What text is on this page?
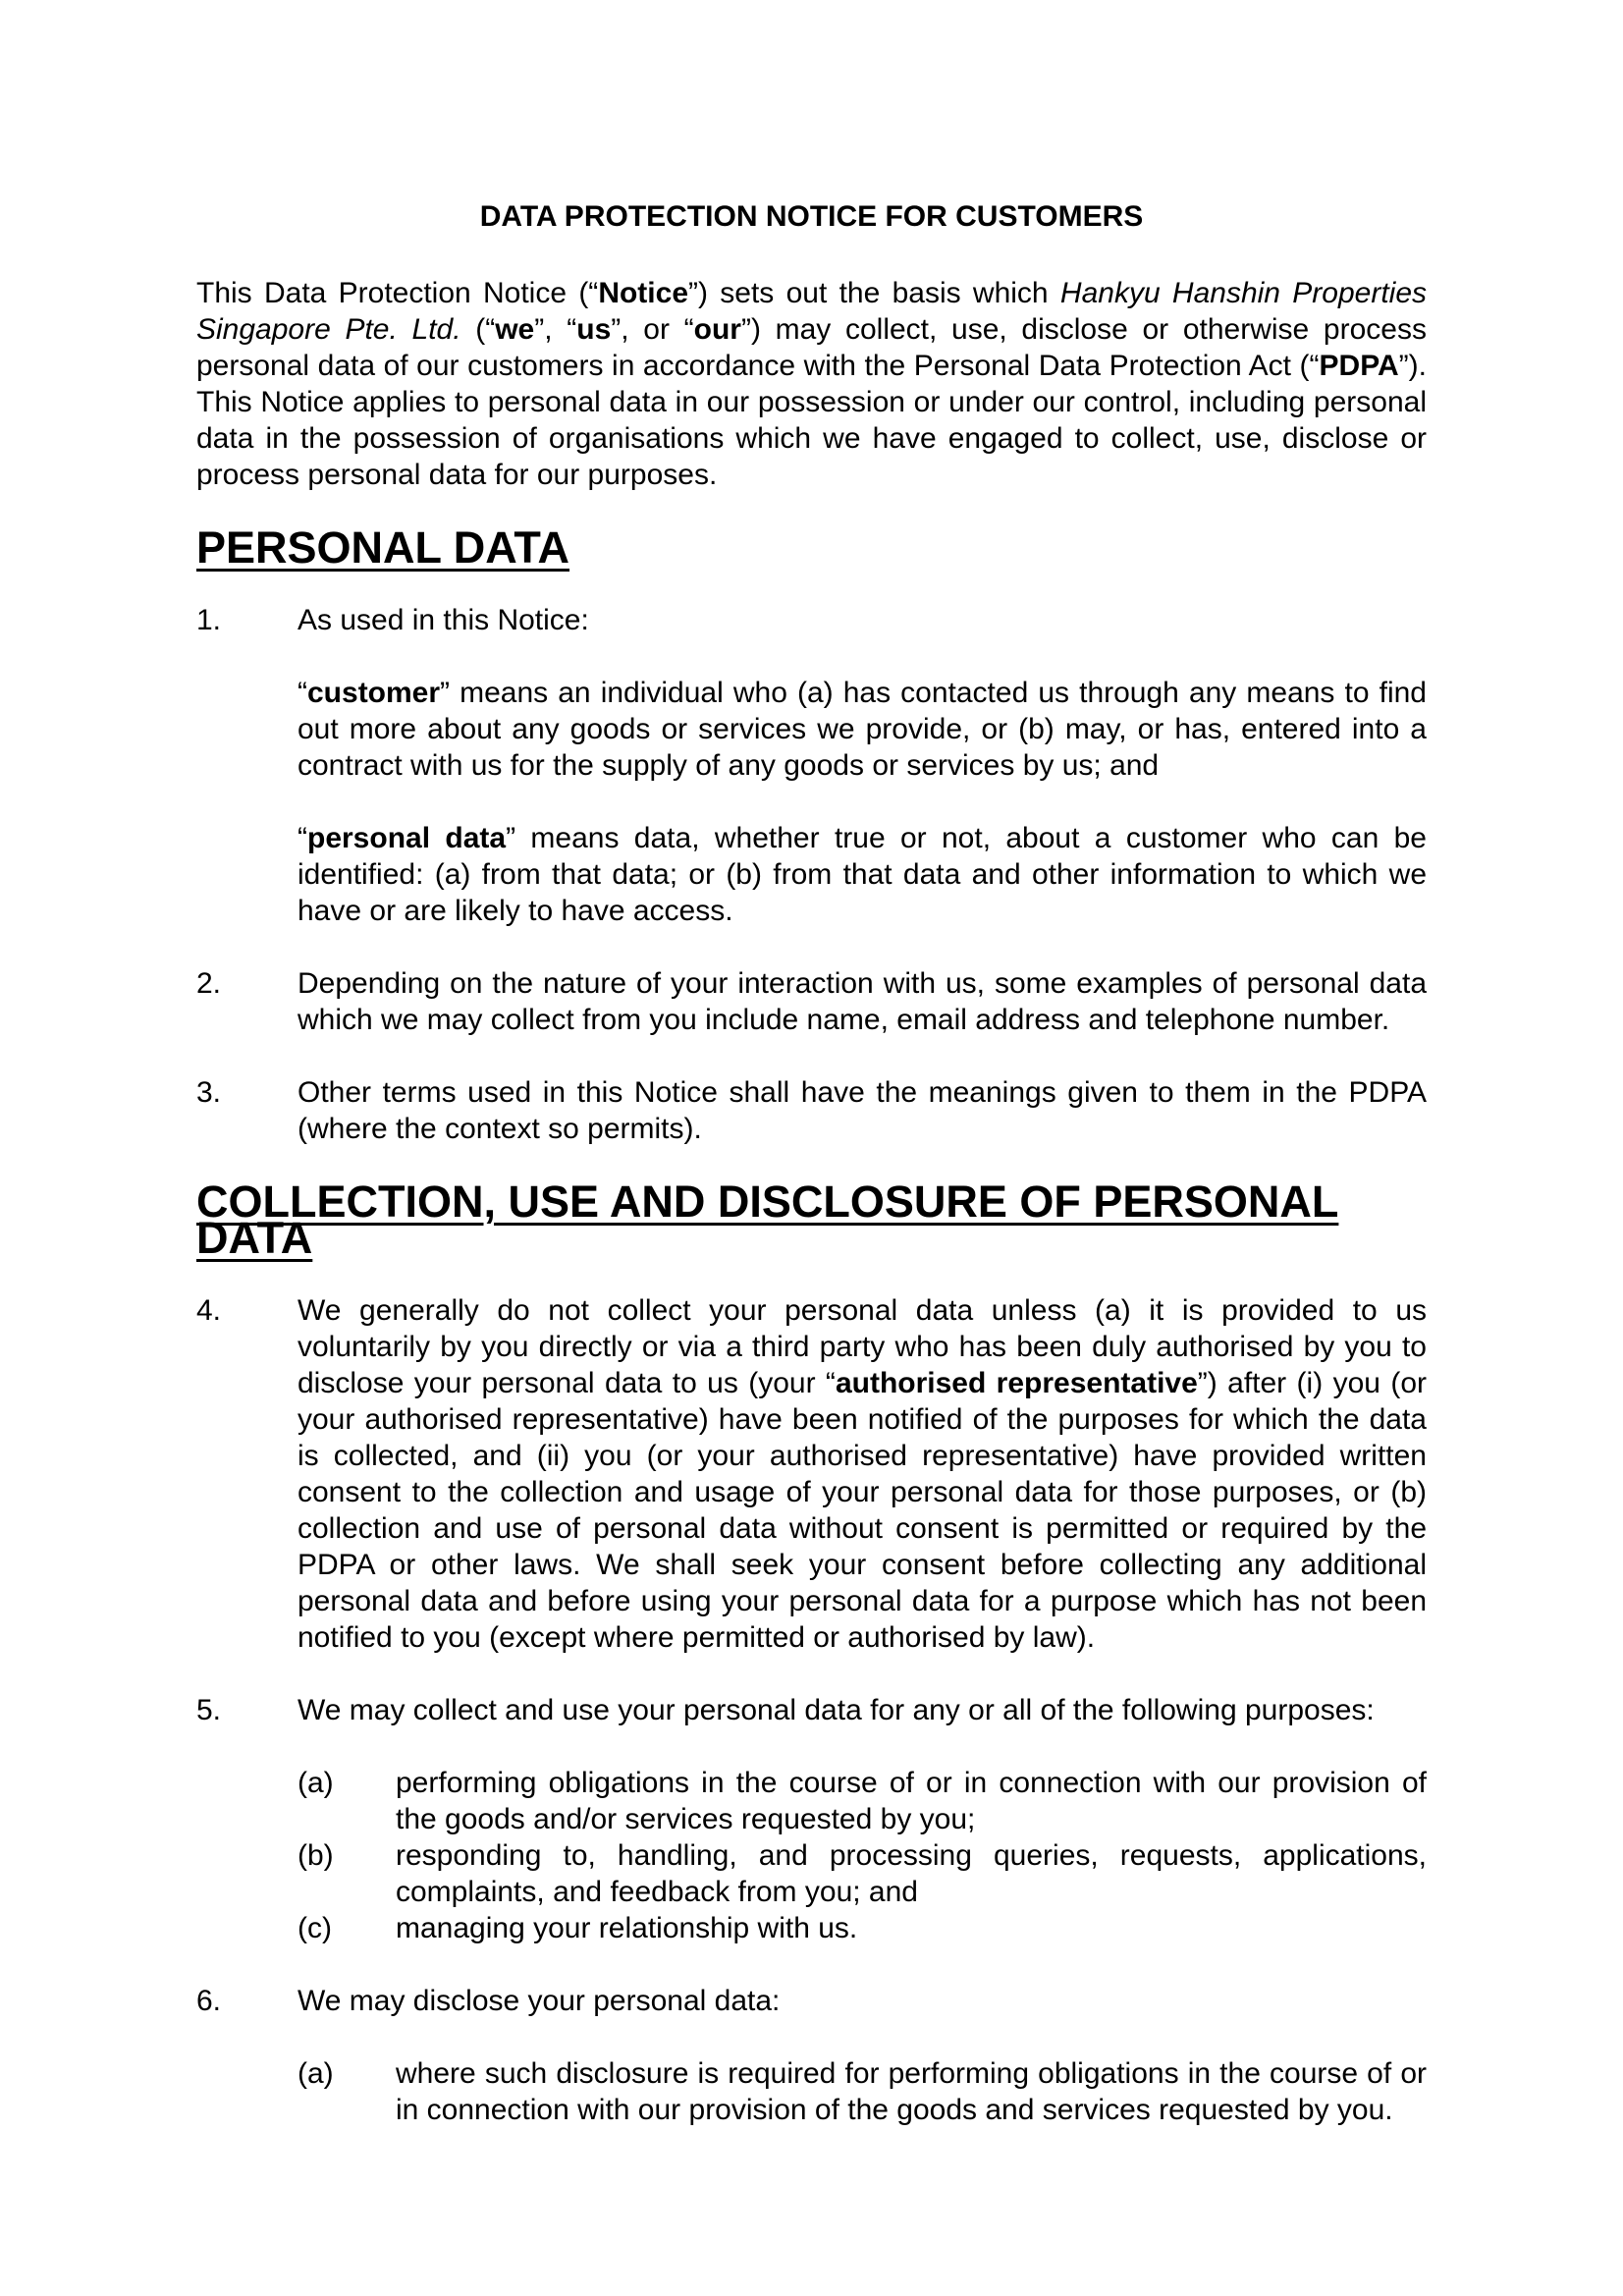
DATA PROTECTION NOTICE FOR CUSTOMERS

This Data Protection Notice (“Notice”) sets out the basis which Hankyu Hanshin Properties Singapore Pte. Ltd. (“we”, “us”, or “our”) may collect, use, disclose or otherwise process personal data of our customers in accordance with the Personal Data Protection Act (“PDPA”). This Notice applies to personal data in our possession or under our control, including personal data in the possession of organisations which we have engaged to collect, use, disclose or process personal data for our purposes.

PERSONAL DATA
1.	As used in this Notice:

“customer” means an individual who (a) has contacted us through any means to find out more about any goods or services we provide, or (b) may, or has, entered into a contract with us for the supply of any goods or services by us; and

“personal data” means data, whether true or not, about a customer who can be identified: (a) from that data; or (b) from that data and other information to which we have or are likely to have access.

2.	Depending on the nature of your interaction with us, some examples of personal data which we may collect from you include name, email address and telephone number.
3.	Other terms used in this Notice shall have the meanings given to them in the PDPA (where the context so permits).
COLLECTION, USE AND DISCLOSURE OF PERSONAL DATA
4.	We generally do not collect your personal data unless (a) it is provided to us voluntarily by you directly or via a third party who has been duly authorised by you to disclose your personal data to us (your “authorised representative”) after (i) you (or your authorised representative) have been notified of the purposes for which the data is collected, and (ii) you (or your authorised representative) have provided written consent to the collection and usage of your personal data for those purposes, or (b) collection and use of personal data without consent is permitted or required by the PDPA or other laws. We shall seek your consent before collecting any additional personal data and before using your personal data for a purpose which has not been notified to you (except where permitted or authorised by law).
5.	We may collect and use your personal data for any or all of the following purposes:
(a)	performing obligations in the course of or in connection with our provision of the goods and/or services requested by you;
(b)	responding to, handling, and processing queries, requests, applications, complaints, and feedback from you; and
(c)	managing your relationship with us.
6.	We may disclose your personal data:
(a)	where such disclosure is required for performing obligations in the course of or in connection with our provision of the goods and services requested by you.
